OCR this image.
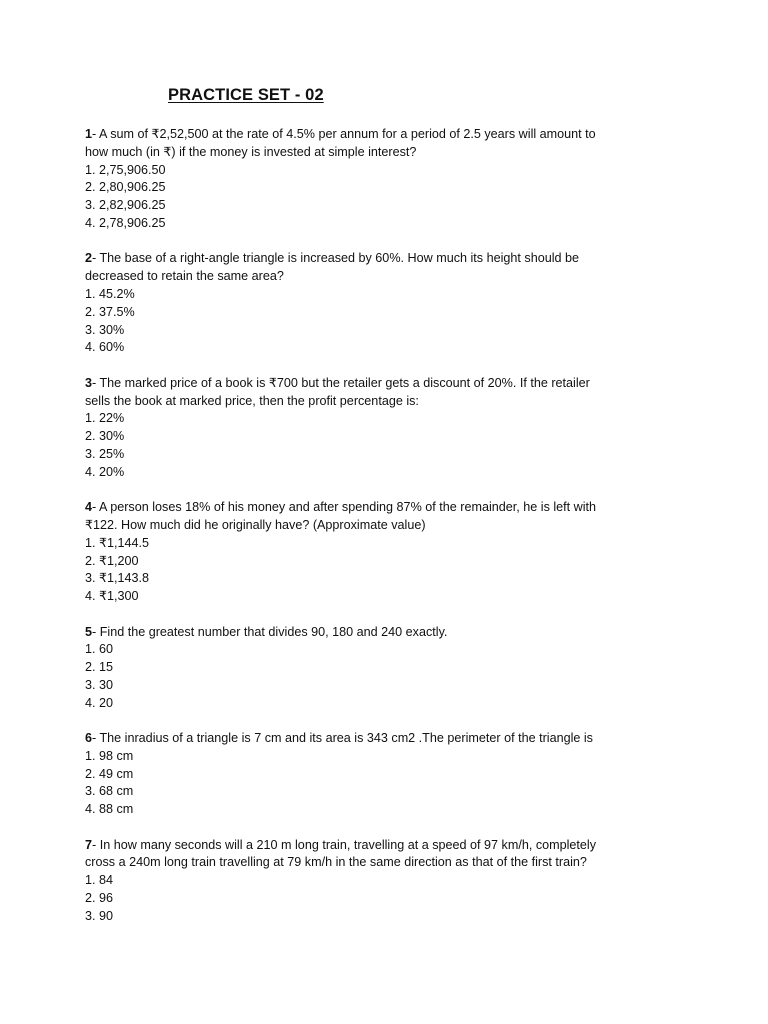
PRACTICE SET - 02
1- A sum of ₹2,52,500 at the rate of 4.5% per annum for a period of 2.5 years will amount to
how much (in ₹) if the money is invested at simple interest?
1. 2,75,906.50
2. 2,80,906.25
3. 2,82,906.25
4. 2,78,906.25
2- The base of a right-angle triangle is increased by 60%. How much its height should be
decreased to retain the same area?
1. 45.2%
2. 37.5%
3. 30%
4. 60%
3- The marked price of a book is ₹700 but the retailer gets a discount of 20%. If the retailer
sells the book at marked price, then the profit percentage is:
1. 22%
2. 30%
3. 25%
4. 20%
4- A person loses 18% of his money and after spending 87% of the remainder, he is left with
₹122. How much did he originally have? (Approximate value)
1. ₹1,144.5
2. ₹1,200
3. ₹1,143.8
4. ₹1,300
5- Find the greatest number that divides 90, 180 and 240 exactly.
1. 60
2. 15
3. 30
4. 20
6- The inradius of a triangle is 7 cm and its area is 343 cm2 .The perimeter of the triangle is
1. 98 cm
2. 49 cm
3. 68 cm
4. 88 cm
7- In how many seconds will a 210 m long train, travelling at a speed of 97 km/h, completely
cross a 240m long train travelling at 79 km/h in the same direction as that of the first train?
1. 84
2. 96
3. 90
